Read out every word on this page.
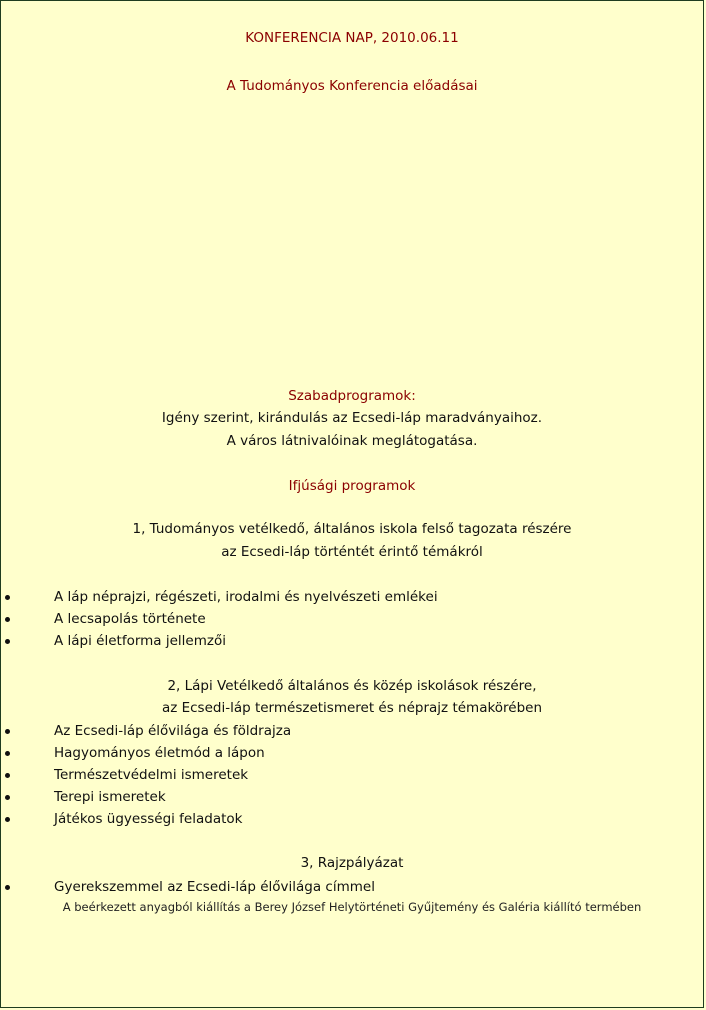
KONFERENCIA NAP, 2010.06.11
A Tudományos Konferencia előadásai
Szabadprogramok:
Igény szerint, kirándulás az Ecsedi-láp maradványaihoz.
A város látnivalóinak meglátogatása.
Ifjúsági programok
1, Tudományos vetélkedő, általános iskola felső tagozata részére
az Ecsedi-láp történtét érintő témákról
A láp néprajzi, régészeti, irodalmi és nyelvészeti emlékei
A lecsapolás története
A lápi életforma jellemzői
2, Lápi Vetélkedő általános és közép iskolások részére,
az Ecsedi-láp természetismeret és néprajz témakörében
Az Ecsedi-láp élővilága és földrajza
Hagyományos életmód a lápon
Természetvédelmi ismeretek
Terepi ismeretek
Játékos ügyességi feladatok
3, Rajzpályázat
Gyerekszemmel az Ecsedi-láp élővilága címmel
A beérkezett anyagból kiállítás a Berey József Helytörténeti Gyűjtemény és Galéria kiállító termében
